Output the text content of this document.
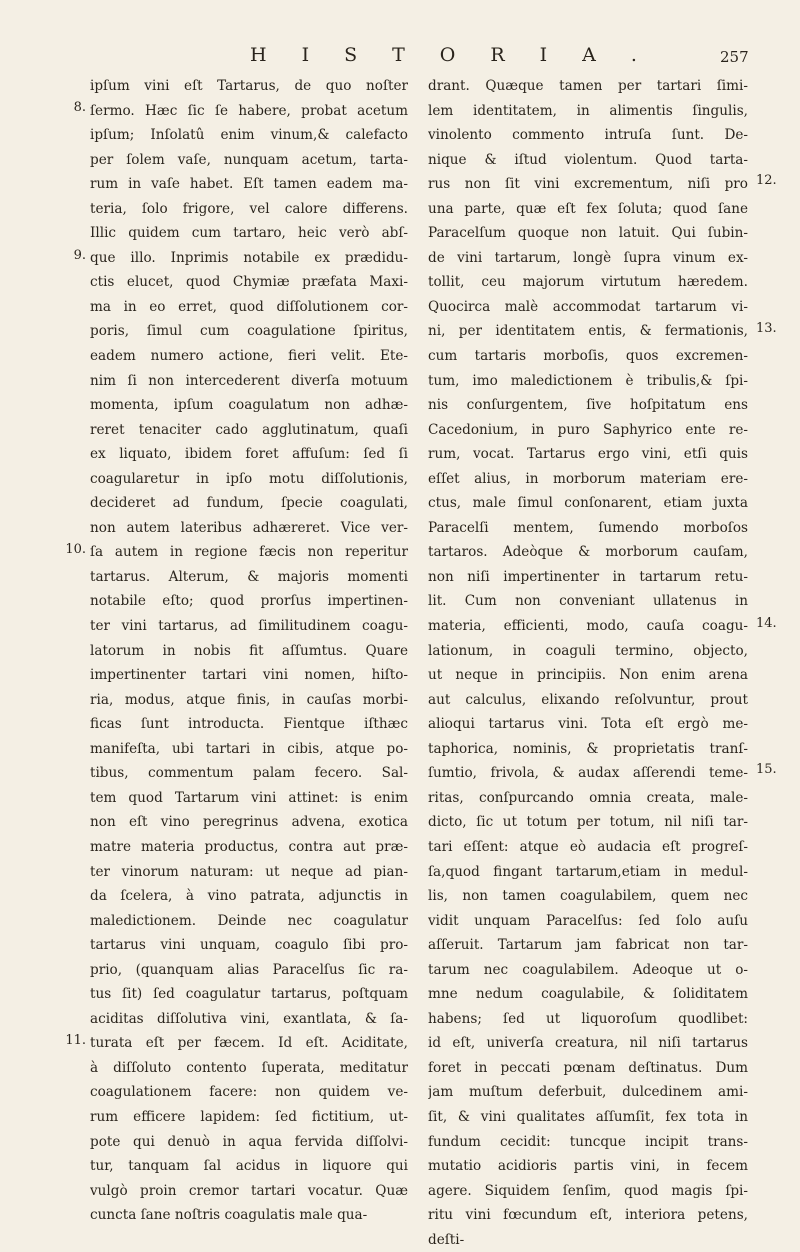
HISTORIA.	257
ipſum vini eſt Tartarus, de quo noſter
ſermo. Hæc ſic ſe habere, probat acetum
ipſum; Inſolatû enim vinum,& calefacto
per ſolem vaſe, nunquam acetum, tarta-
rum in vaſe habet. Eſt tamen eadem ma-
teria, ſolo frigore, vel calore differens.
Illic quidem cum tartaro, heic verò abſ-
que illo. Inprimis notabile ex prædidu-
ctis elucet, quod Chymiæ præfata Maxi-
ma in eo erret, quod diſſolutionem cor-
poris, ſimul cum coagulatione ſpiritus,
eadem numero actione, fieri velit. Ete-
nim ſi non intercederent diverſa motuum
momenta, ipſum coagulatum non adhæ-
reret tenaciter cado agglutinatum, quaſi
ex liquato, ibidem foret affuſum: ſed ſi
coagularetur in ipſo motu diſſolutionis,
decideret ad fundum, ſpecie coagulati,
non autem lateribus adhæreret. Vice ver-
ſa autem in regione fæcis non reperitur
tartarus. Alterum, & majoris momenti
notabile eſto; quod prorſus impertinen-
ter vini tartarus, ad ſimilitudinem coagu-
latorum in nobis fit aſſumtus. Quare
impertinenter tartari vini nomen, hiſto-
ria, modus, atque finis, in cauſas morbi-
ficas ſunt introducta. Fientque iſthæc
manifeſta, ubi tartari in cibis, atque po-
tibus, commentum palam fecero. Sal-
tem quod Tartarum vini attinet: is enim
non eſt vino peregrinus advena, exotica
matre materia productus, contra aut præ-
ter vinorum naturam: ut neque ad pian-
da ſcelera, à vino patrata, adjunctis in
maledictionem. Deinde nec coagulatur
tartarus vini unquam, coagulo ſibi pro-
prio, (quanquam alias Paracelſus ſic ra-
tus ſit) ſed coagulatur tartarus, poſtquam
aciditas diſſolutiva vini, exantlata, & ſa-
turata eſt per fæcem. Id eſt. Aciditate,
à diſſoluto contento ſuperata, meditatur
coagulationem facere: non quidem ve-
rum efficere lapidem: ſed fictitium, ut-
pote qui denuò in aqua fervida diſſolvi-
tur, tanquam ſal acidus in liquore qui
vulgò proin cremor tartari vocatur. Quæ
cuncta ſane noſtris coagulatis male qua-
drant. Quæque tamen per tartari ſimi-
lem identitatem, in alimentis ſingulis,
vinolento commento intruſa ſunt. De-
nique & iſtud violentum. Quod tarta-
rus non ſit vini excrementum, niſi pro
una parte, quæ eſt fex ſoluta; quod ſane
Paracelſum quoque non latuit. Qui ſubin-
de vini tartarum, longè ſupra vinum ex-
tollit, ceu majorum virtutum hæredem.
Quocirca malè accommodat tartarum vi-
ni, per identitatem entis, & fermationis,
cum tartaris morboſis, quos excremen-
tum, imo maledictionem è tribulis,& ſpi-
nis conſurgentem, ſive hoſpitatum ens
Cacedonium, in puro Saphyrico ente re-
rum, vocat. Tartarus ergo vini, etſi quis
eſſet alius, in morborum materiam ere-
ctus, male ſimul conſonarent, etiam juxta
Paracelſi mentem, ſumendo morboſos
tartaros. Adeòque & morborum cauſam,
non niſi impertinenter in tartarum retu-
lit. Cum non conveniant ullatenus in
materia, efficienti, modo, cauſa coagu-
lationum, in coaguli termino, objecto,
ut neque in principiis. Non enim arena
aut calculus, elixando reſolvuntur, prout
alioqui tartarus vini. Tota eſt ergò me-
taphorica, nominis, & proprietatis tranſ-
ſumtio, frivola, & audax aſſerendi teme-
ritas, conſpurcando omnia creata, male-
dicto, ſic ut totum per totum, nil niſi tar-
tari eſſent: atque eò audacia eſt progreſ-
ſa,quod fingant tartarum,etiam in medul-
lis, non tamen coagulabilem, quem nec
vidit unquam Paracelſus: ſed ſolo auſu
aſſeruit. Tartarum jam fabricat non tar-
tarum nec coagulabilem. Adeoque ut o-
mne nedum coagulabile, & ſoliditatem
habens; ſed ut liquoroſum quodlibet:
id eſt, univerſa creatura, nil niſi tartarus
foret in peccati pœnam deſtinatus. Dum
jam muſtum deferbuit, dulcedinem ami-
ſit, & vini qualitates aſſumſit, fex tota in
fundum cecidit: tuncque incipit trans-
mutatio acidioris partis vini, in fecem
agere. Siquidem ſenſim, quod magis ſpi-
ritu vini fœcundum eſt, interiora petens,
deſti-
8.
9.
10.
11.
12.
13.
14.
15.
